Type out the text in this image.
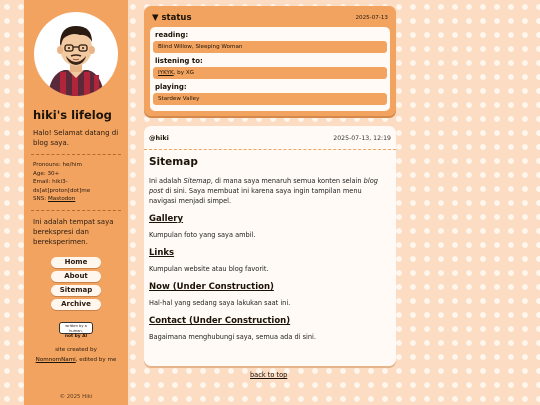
hiki's lifelog
Halo! Selamat datang di blog saya.
Pronouns: he/him
Age: 30+
Email: hiki3-ds[at]proton[dot]me
SNS: Mastodon
Ini adalah tempat saya berekspresi dan bereksperimen.
Home
About
Sitemap
Archive
written by a human,
not by AI
site created by
NomnomNami, edited by me
© 2025 Hiki
▼ status	2025-07-13
reading:
Blind Willow, Sleeping Woman
listening to:
IYKYK, by XG
playing:
Stardew Valley
@hiki	2025-07-13, 12:19
Sitemap

Ini adalah Sitemap, di mana saya menaruh semua konten selain blog post di sini. Saya membuat ini karena saya ingin tampilan menu navigasi menjadi simpel.

Gallery

Kumpulan foto yang saya ambil.

Links

Kumpulan website atau blog favorit.

Now (Under Construction)

Hal-hal yang sedang saya lakukan saat ini.

Contact (Under Construction)

Bagaimana menghubungi saya, semua ada di sini.

back to top
